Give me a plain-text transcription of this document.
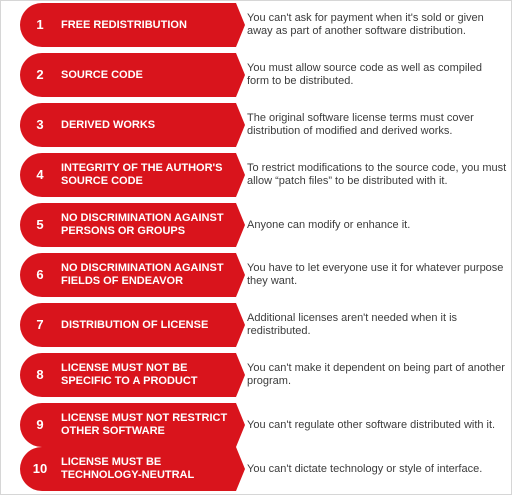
1	FREE REDISTRIBUTION
You can't ask for payment when it's sold or given away as part of another software distribution.
2	SOURCE CODE
You must allow source code as well as compiled form to be distributed.
3	DERIVED WORKS
The original software license terms must cover distribution of modified and derived works.
4	INTEGRITY OF THE AUTHOR'S SOURCE CODE
To restrict modifications to the source code, you must allow “patch files” to be distributed with it.
5	NO DISCRIMINATION AGAINST PERSONS OR GROUPS
Anyone can modify or enhance it.
6	NO DISCRIMINATION AGAINST FIELDS OF ENDEAVOR
You have to let everyone use it for whatever purpose they want.
7	DISTRIBUTION OF LICENSE
Additional licenses aren't needed when it is redistributed.
8	LICENSE MUST NOT BE SPECIFIC TO A PRODUCT
You can't make it dependent on being part of another program.
9	LICENSE MUST NOT RESTRICT OTHER SOFTWARE
You can't regulate other software distributed with it.
10	LICENSE MUST BE TECHNOLOGY-NEUTRAL
You can't dictate technology or style of interface.
